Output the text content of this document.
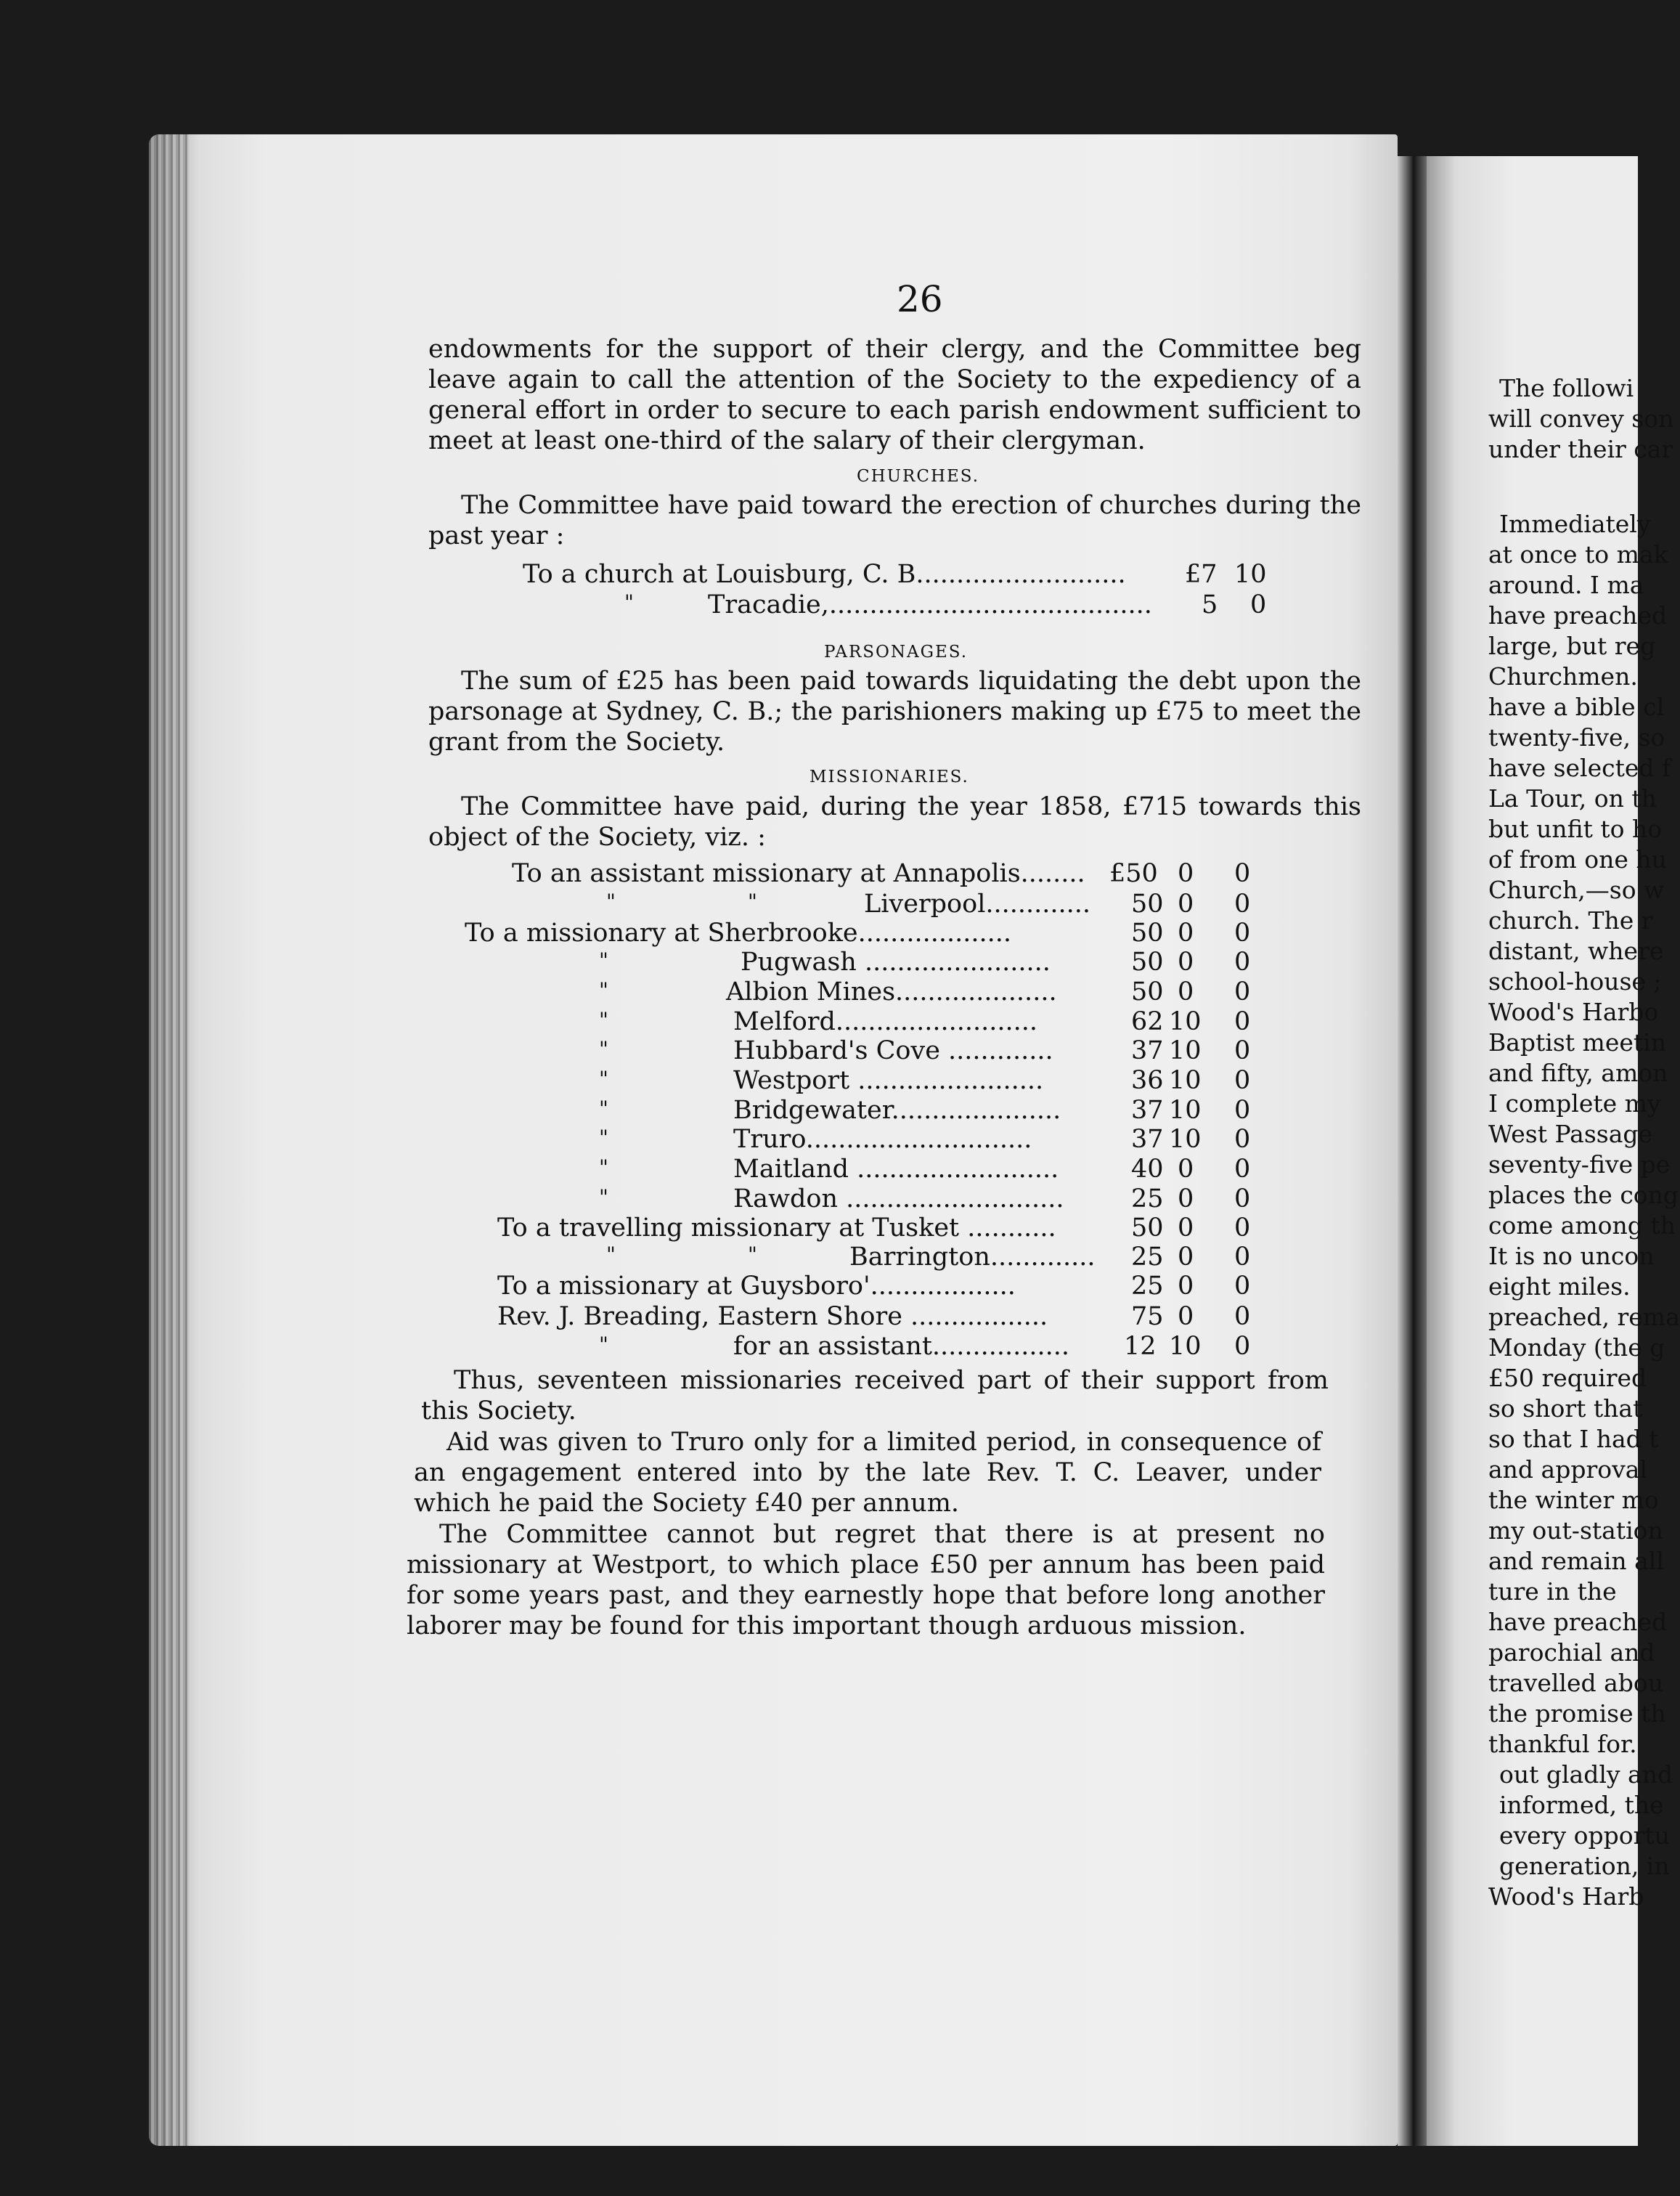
26
endowments for the support of their clergy, and the Committee beg leave again to call the attention of the Society to the expediency of a general effort in order to secure to each parish endowment sufficient to meet at least one-third of the salary of their clergyman.
CHURCHES.
The Committee have paid toward the erection of churches during the past year :
To a church at Louisburg, C. B.......................... £7 10
"	Tracadie,........................................ 5 0
PARSONAGES.
The sum of £25 has been paid towards liquidating the debt upon the parsonage at Sydney, C. B.; the parishioners making up £75 to meet the grant from the Society.
MISSIONARIES.
The Committee have paid, during the year 1858, £715 towards this object of the Society, viz. :
To an assistant missionary at Annapolis........ £50 0 0
"	"	Liverpool............. 50 0 0
To a missionary at Sherbrooke...................	50 0 0
"	Pugwash .......................	50 0 0
"	Albion Mines....................	50 0 0
"	Melford.........................	62 10 0
"	Hubbard's Cove .............	37 10 0
"	Westport .......................	36 10 0
"	Bridgewater.....................	37 10 0
"	Truro............................	37 10 0
"	Maitland .........................	40 0 0
"	Rawdon ...........................	25 0 0
To a travelling missionary at Tusket ...........	50 0 0
"	"	Barrington............. 25 0 0
To a missionary at Guysboro'..................	25 0 0
Rev. J. Breading, Eastern Shore .................	75 0 0
"	for an assistant................. 12 10 0
Thus, seventeen missionaries received part of their support from this Society.
Aid was given to Truro only for a limited period, in consequence of an engagement entered into by the late Rev. T. C. Leaver, under which he paid the Society £40 per annum.
The Committee cannot but regret that there is at present no missionary at Westport, to which place £50 per annum has been paid for some years past, and they earnestly hope that before long another laborer may be found for this important though arduous mission.
The followi
will convey son
under their car
Immediately
at once to mak
around. I ma
have preached
large, but reg
Churchmen.
have a bible cl
twenty-five, so
have selected f
La Tour, on th
but unfit to ho
of from one hu
Church,—so w
church. The r
distant, where
school-house ;
Wood's Harbo
Baptist meetin
and fifty, amon
I complete my
West Passage
seventy-five pe
places the cong
come among th
It is no uncon
eight miles.
preached, rema
Monday (the g
£50 required
so short that
so that I had t
and approval
the winter mo
my out-station
and remain all
ture in the
have preached
parochial and
travelled abou
the promise th
thankful for.
out gladly and
informed, the
every opportu
generation, in
Wood's Harb
